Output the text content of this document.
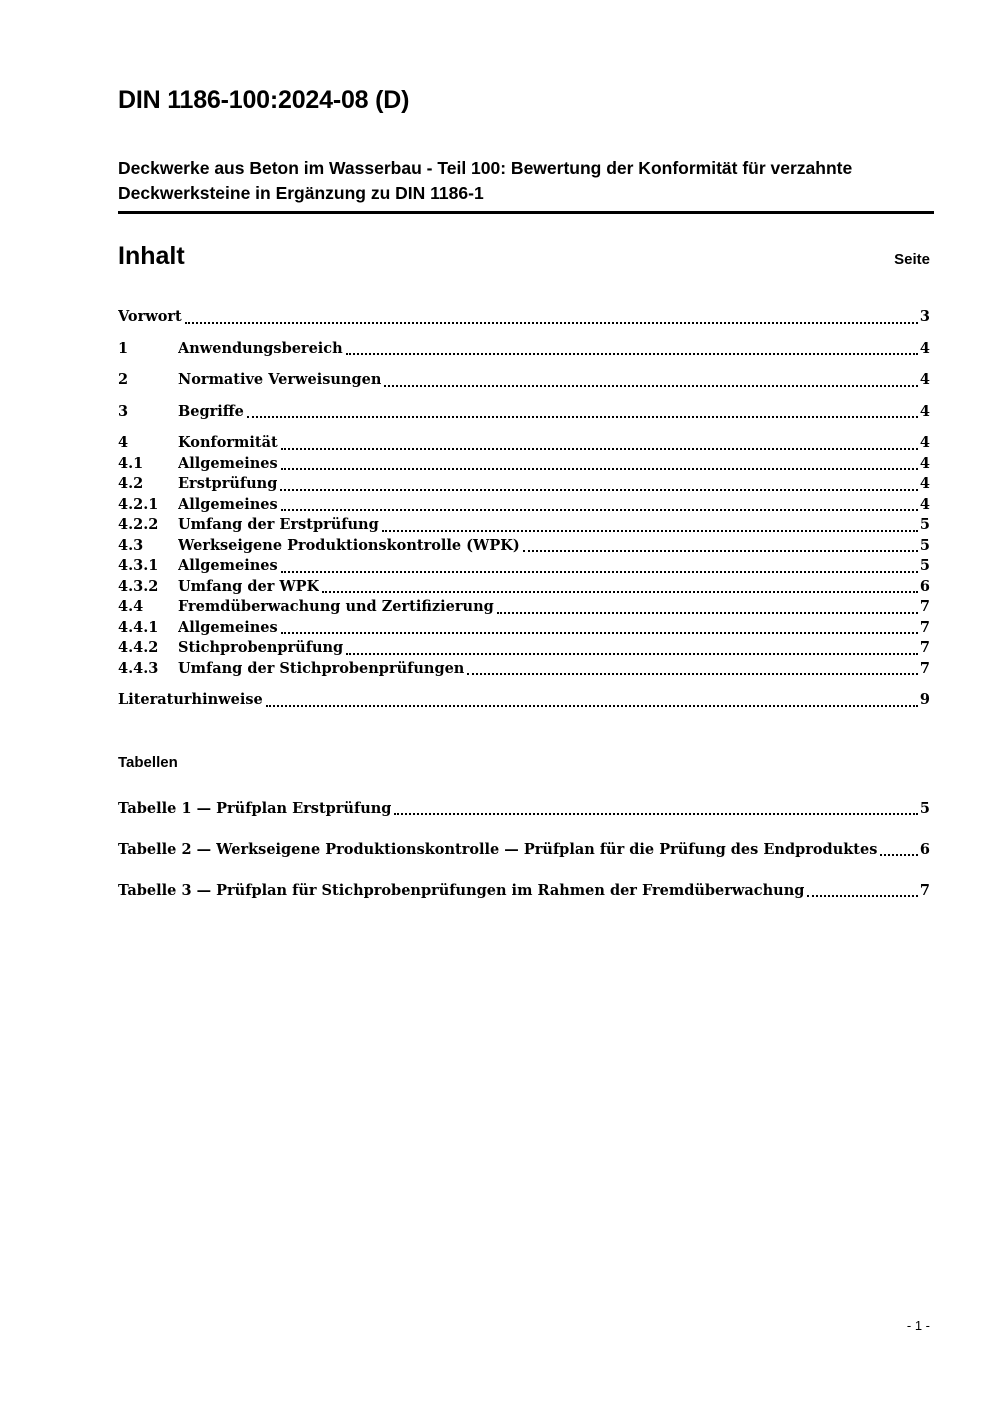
DIN 1186-100:2024-08 (D)
Deckwerke aus Beton im Wasserbau - Teil 100: Bewertung der Konformität für verzahnte Deckwerksteine in Ergänzung zu DIN 1186-1
Inhalt	Seite
Vorwort	3
1	Anwendungsbereich	4
2	Normative Verweisungen	4
3	Begriffe	4
4	Konformität	4
4.1	Allgemeines	4
4.2	Erstprüfung	4
4.2.1	Allgemeines	4
4.2.2	Umfang der Erstprüfung	5
4.3	Werkseigene Produktionskontrolle (WPK)	5
4.3.1	Allgemeines	5
4.3.2	Umfang der WPK	6
4.4	Fremdüberwachung und Zertifizierung	7
4.4.1	Allgemeines	7
4.4.2	Stichprobenprüfung	7
4.4.3	Umfang der Stichprobenprüfungen	7
Literaturhinweise	9
Tabellen
Tabelle 1 — Prüfplan Erstprüfung	5
Tabelle 2 — Werkseigene Produktionskontrolle — Prüfplan für die Prüfung des Endproduktes	6
Tabelle 3 — Prüfplan für Stichprobenprüfungen im Rahmen der Fremdüberwachung	7
- 1 -
